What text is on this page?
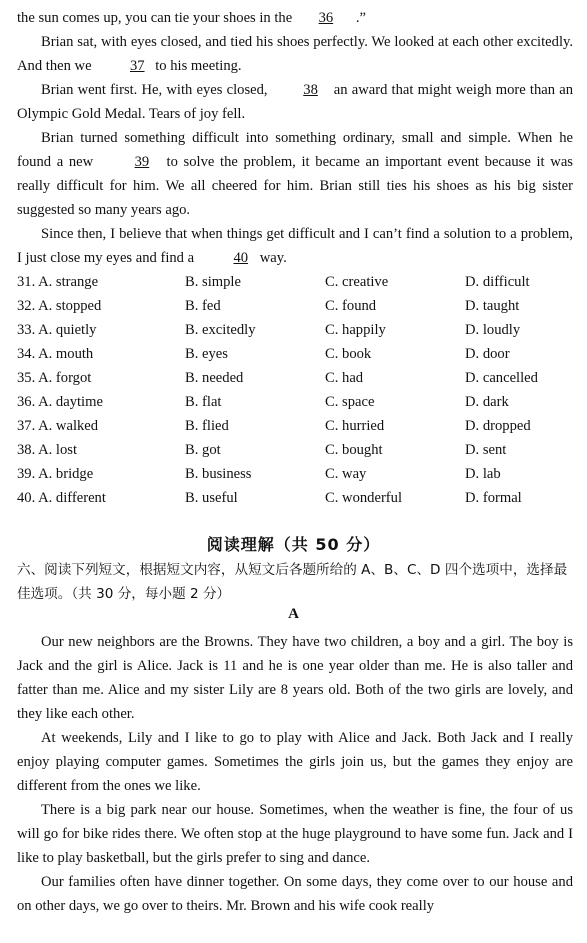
the sun comes up, you can tie your shoes in the 36 .”

Brian sat, with eyes closed, and tied his shoes perfectly. We looked at each other excitedly. And then we 37 to his meeting.

Brian went first. He, with eyes closed, 38 an award that might weigh more than an Olympic Gold Medal. Tears of joy fell.

Brian turned something difficult into something ordinary, small and simple. When he found a new 39 to solve the problem, it became an important event because it was really difficult for him. We all cheered for him. Brian still ties his shoes as his big sister suggested so many years ago.

Since then, I believe that when things get difficult and I can’t find a solution to a problem, I just close my eyes and find a 40 way.

31. A. strange	B. simple	C. creative	D. difficult
32. A. stopped	B. fed	C. found	D. taught
33. A. quietly	B. excitedly	C. happily	D. loudly
34. A. mouth	B. eyes	C. book	D. door
35. A. forgot	B. needed	C. had	D. cancelled
36. A. daytime	B. flat	C. space	D. dark
37. A. walked	B. flied	C. hurried	D. dropped
38. A. lost	B. got	C. bought	D. sent
39. A. bridge	B. business	C. way	D. lab
40. A. different	B. useful	C. wonderful	D. formal
阅读理解（共 50 分）

六、阅读下列短文，根据短文内容，从短文后各题所给的 A、B、C、D 四个选项中，选择最佳选项。（共 30 分，每小题 2 分）

A

Our new neighbors are the Browns. They have two children, a boy and a girl. The boy is Jack and the girl is Alice. Jack is 11 and he is one year older than me. He is also taller and fatter than me. Alice and my sister Lily are 8 years old. Both of the two girls are lovely, and they like each other.

At weekends, Lily and I like to go to play with Alice and Jack. Both Jack and I really enjoy playing computer games. Sometimes the girls join us, but the games they enjoy are different from the ones we like.

There is a big park near our house. Sometimes, when the weather is fine, the four of us will go for bike rides there. We often stop at the huge playground to have some fun. Jack and I like to play basketball, but the girls prefer to sing and dance.

Our families often have dinner together. On some days, they come over to our house and on other days, we go over to theirs. Mr. Brown and his wife cook really
